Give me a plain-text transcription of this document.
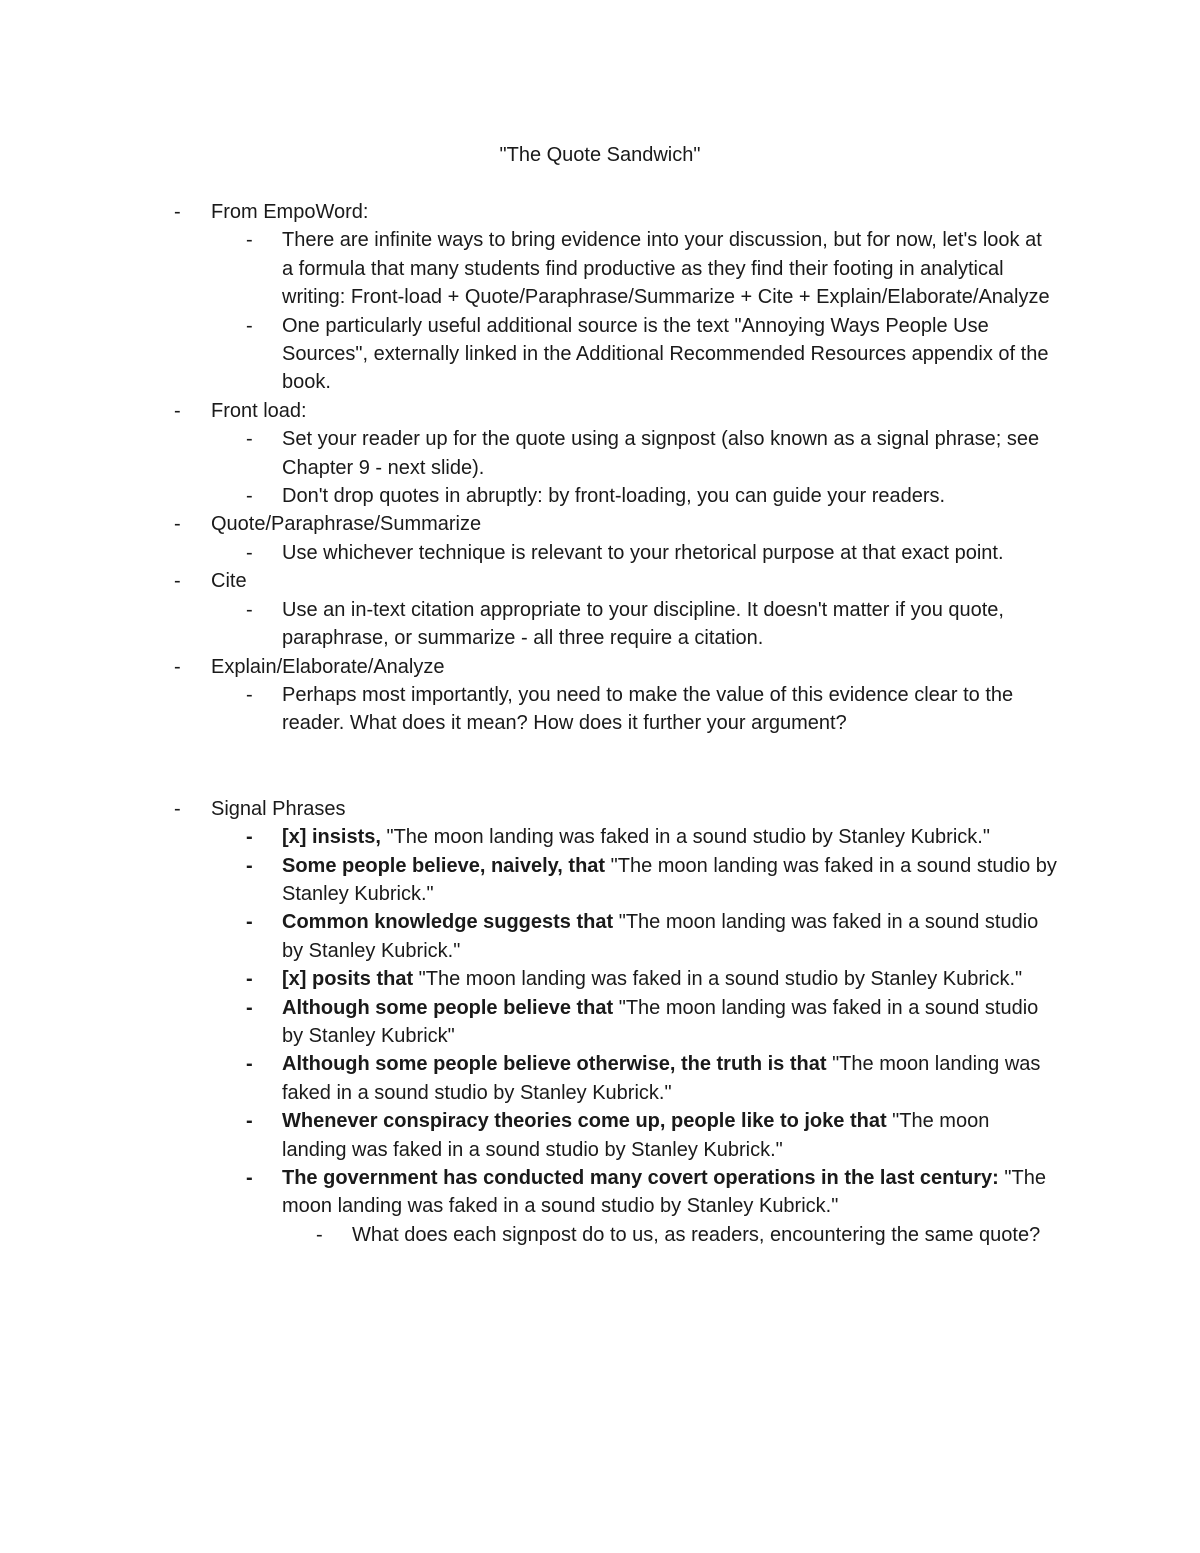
"The Quote Sandwich"

- From EmpoWord:

- There are infinite ways to bring evidence into your discussion, but for now, let's look at a formula that many students find productive as they find their footing in analytical writing: Front-load + Quote/Paraphrase/Summarize + Cite + Explain/Elaborate/Analyze

- One particularly useful additional source is the text "Annoying Ways People Use Sources", externally linked in the Additional Recommended Resources appendix of the book.

- Front load:

- Set your reader up for the quote using a signpost (also known as a signal phrase; see Chapter 9 - next slide).

- Don't drop quotes in abruptly: by front-loading, you can guide your readers.

- Quote/Paraphrase/Summarize

- Use whichever technique is relevant to your rhetorical purpose at that exact point.

- Cite

- Use an in-text citation appropriate to your discipline. It doesn't matter if you quote, paraphrase, or summarize - all three require a citation.

- Explain/Elaborate/Analyze

- Perhaps most importantly, you need to make the value of this evidence clear to the reader. What does it mean? How does it further your argument?

- Signal Phrases

- [x] insists, "The moon landing was faked in a sound studio by Stanley Kubrick."

- Some people believe, naively, that "The moon landing was faked in a sound studio by Stanley Kubrick."

- Common knowledge suggests that "The moon landing was faked in a sound studio by Stanley Kubrick."

- [x] posits that "The moon landing was faked in a sound studio by Stanley Kubrick."

- Although some people believe that "The moon landing was faked in a sound studio by Stanley Kubrick"

- Although some people believe otherwise, the truth is that "The moon landing was faked in a sound studio by Stanley Kubrick."

- Whenever conspiracy theories come up, people like to joke that "The moon landing was faked in a sound studio by Stanley Kubrick."

- The government has conducted many covert operations in the last century: "The moon landing was faked in a sound studio by Stanley Kubrick."

- What does each signpost do to us, as readers, encountering the same quote?
